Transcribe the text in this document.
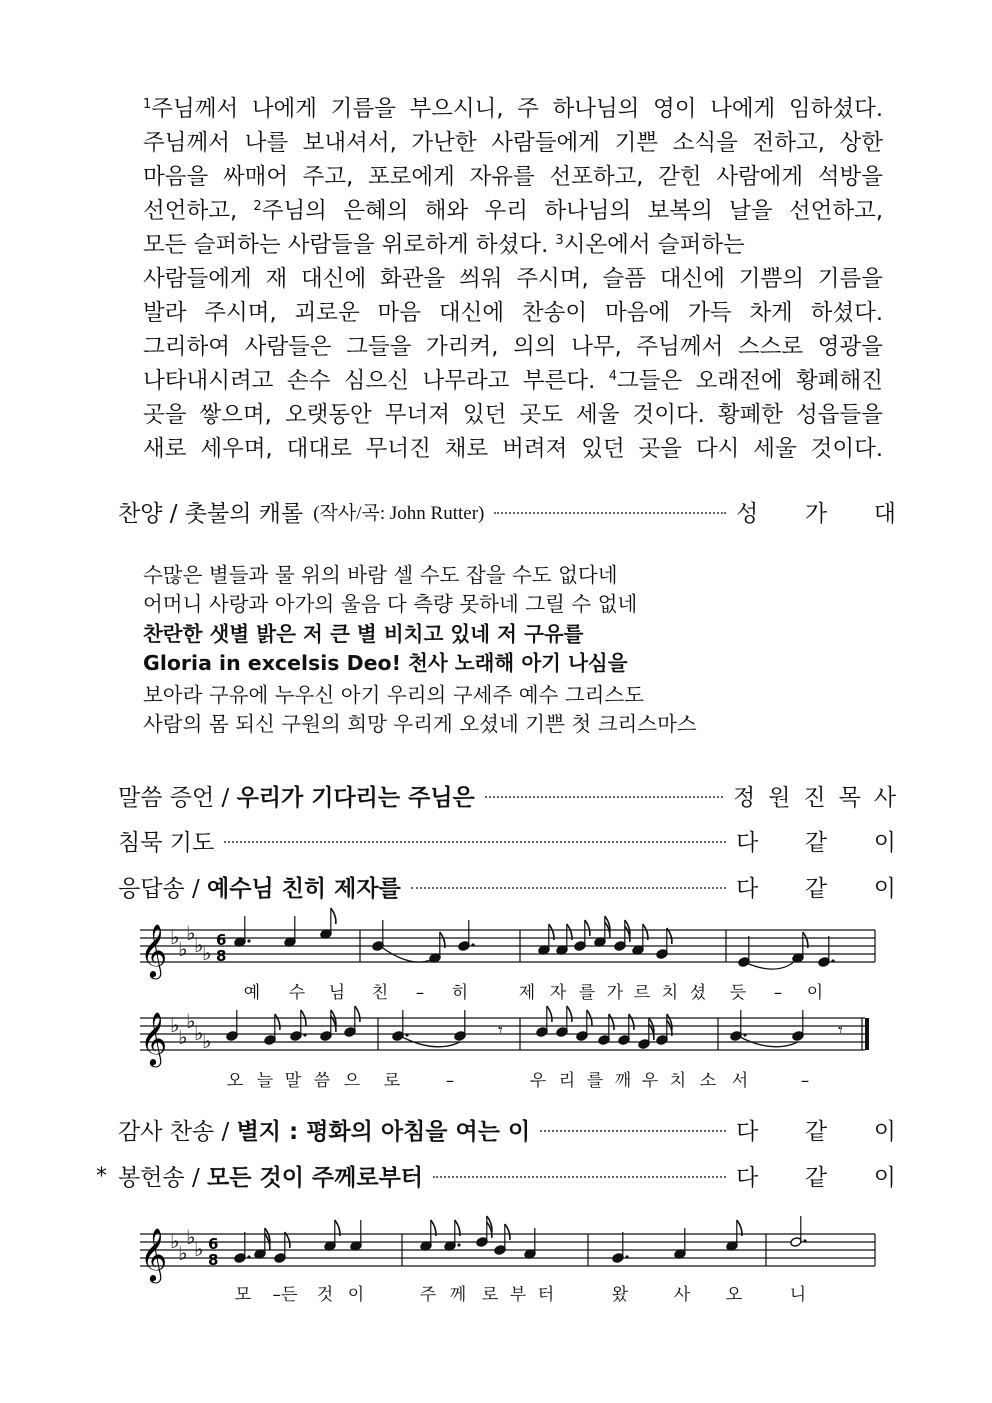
$^1$주님께서 나에게 기름을 부으시니, 주 하나님의 영이 나에게 임하셨다.
주님께서 나를 보내셔서, 가난한 사람들에게 기쁜 소식을 전하고, 상한
마음을 싸매어 주고, 포로에게 자유를 선포하고, 갇힌 사람에게 석방을
선언하고, $^2$주님의 은혜의 해와 우리 하나님의 보복의 날을 선언하고,
모든 슬퍼하는 사람들을 위로하게 하셨다. $^3$시온에서 슬퍼하는
사람들에게 재 대신에 화관을 씌워 주시며, 슬픔 대신에 기쁨의 기름을
발라 주시며, 괴로운 마음 대신에 찬송이 마음에 가득 차게 하셨다.
그리하여 사람들은 그들을 가리켜, 의의 나무, 주님께서 스스로 영광을
나타내시려고 손수 심으신 나무라고 부른다. $^4$그들은 오래전에 황폐해진
곳을 쌓으며, 오랫동안 무너져 있던 곳도 세울 것이다. 황폐한 성읍들을
새로 세우며, 대대로 무너진 채로 버려져 있던 곳을 다시 세울 것이다.
찬양 / 촛불의 캐롤 (작사/곡: John Rutter)	성 가 대
수많은 별들과 물 위의 바람 셀 수도 잡을 수도 없다네
어머니 사랑과 아가의 울음 다 측량 못하네 그릴 수 없네
찬란한 샛별 밝은 저 큰 별 비치고 있네 저 구유를
Gloria in excelsis Deo! 천사 노래해 아기 나심을
보아라 구유에 누우신 아기 우리의 구세주 예수 그리스도
사람의 몸 되신 구원의 희망 우리게 오셨네 기쁜 첫 크리스마스
말씀 증언 / 우리가 기다리는 주님은	정 원 진 목 사
침묵 기도	다 같 이
응답송 / 예수님 친히 제자를	다 같 이
𝄞 ♭
♭
♭
♭
♭
6
8
예 수 님 친 – 히	제 자 를 가 르 치 셨 듯 – 이
𝄞 ♭
♭
♭
♭
♭	𝄾	𝄾
오 늘 말 씀 으 로	–	우 리 를 깨 우 치 소 서	–
감사 찬송 / 별지 : 평화의 아침을 여는 이	다 같 이
* 봉헌송 / 모든 것이 주께로부터	다 같 이
𝄞 ♭
♭
♭
♭ 6
8
모 –든 것 이	주 께 로 부 터	왔	사 오	니
